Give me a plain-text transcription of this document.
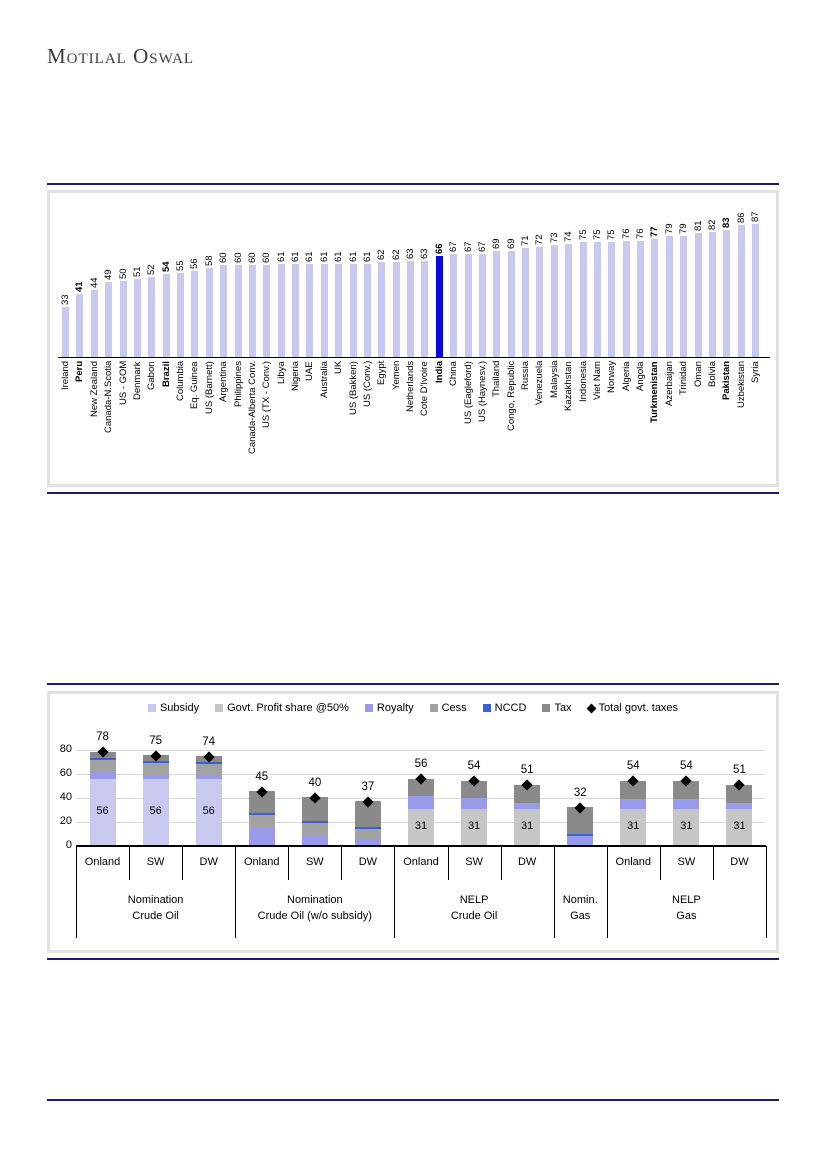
Motilal Oswal
33
Ireland
41
Peru
44
New Zealand
49
Canada-N.Scotia
50
US - GOM
51
Denmark
52
Gabon
54
Brazil
55
Columbia
56
Eq. Guinea
58
US (Barnett)
60
Argentina
60
Philippines
60
Canada-Alberta Conv.
60
US (TX - Conv.)
61
Libya
61
Nigeria
61
UAE
61
Australia
61
UK
61
US (Bakken)
61
US (Conv.)
62
Egypt
62
Yemen
63
Netherlands
63
Cote D'Ivoire
66
India
67
China
67
US (Eagleford)
67
US (Haynesv.)
69
Thailand
69
Congo, Republic
71
Russia
72
Venezuela
73
Malaysia
74
Kazakhstan
75
Indonesia
75
Viet Nam
75
Norway
76
Algeria
76
Angola
77
Turkmenistan
79
Azerbaijan
79
Trinidad
81
Oman
82
Bolvia
83
Pakistan
86
Uzbekistan
87
Syria
Subsidy	Govt. Profit share @50%	Royalty	Cess	NCCD	Tax Total govt. taxes
0
20
40
60
80
78
56
Onland
75
56
SW
74
56
DW
Nomination
Crude Oil
45
Onland
40
SW
37
DW
Nomination
Crude Oil (w/o subsidy)
56
31
Onland
54
31
SW
51
31
DW
NELP
Crude Oil
32
Nomin.
Gas
54
31
Onland
54
31
SW
51
31
DW
NELP
Gas
